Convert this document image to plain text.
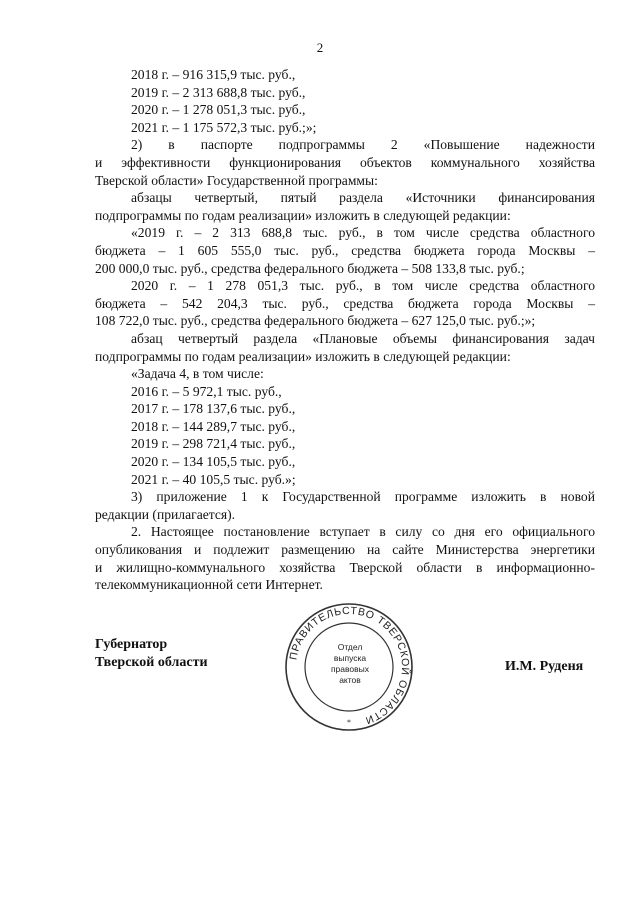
2
2018 г. – 916 315,9 тыс. руб.,
2019 г. – 2 313 688,8 тыс. руб.,
2020 г. – 1 278 051,3 тыс. руб.,
2021 г. – 1 175 572,3 тыс. руб.;»;
2) в паспорте подпрограммы 2 «Повышение надежности
и эффективности функционирования объектов коммунального хозяйства
Тверской области» Государственной программы:
абзацы четвертый, пятый раздела «Источники финансирования
подпрограммы по годам реализации» изложить в следующей редакции:
«2019 г. – 2 313 688,8 тыс. руб., в том числе средства областного
бюджета – 1 605 555,0 тыс. руб., средства бюджета города Москвы –
200 000,0 тыс. руб., средства федерального бюджета – 508 133,8 тыс. руб.;
2020 г. – 1 278 051,3 тыс. руб., в том числе средства областного
бюджета – 542 204,3 тыс. руб., средства бюджета города Москвы –
108 722,0 тыс. руб., средства федерального бюджета – 627 125,0 тыс. руб.;»;
абзац четвертый раздела «Плановые объемы финансирования задач
подпрограммы по годам реализации» изложить в следующей редакции:
«Задача 4, в том числе:
2016 г. – 5 972,1 тыс. руб.,
2017 г. – 178 137,6 тыс. руб.,
2018 г. – 144 289,7 тыс. руб.,
2019 г. – 298 721,4 тыс. руб.,
2020 г. – 134 105,5 тыс. руб.,
2021 г. – 40 105,5 тыс. руб.»;
3) приложение 1 к Государственной программе изложить в новой
редакции (прилагается).
2. Настоящее постановление вступает в силу со дня его официального
опубликования и подлежит размещению на сайте Министерства энергетики
и жилищно-коммунального хозяйства Тверской области в информационно-
телекоммуникационной сети Интернет.
Губернатор
Тверской области	ПРАВИТЕЛЬСТВО ТВЕРСКОЙ ОБЛАСТИ
*
Отдел
выпуска
правовых
актов
И.М. Руденя
